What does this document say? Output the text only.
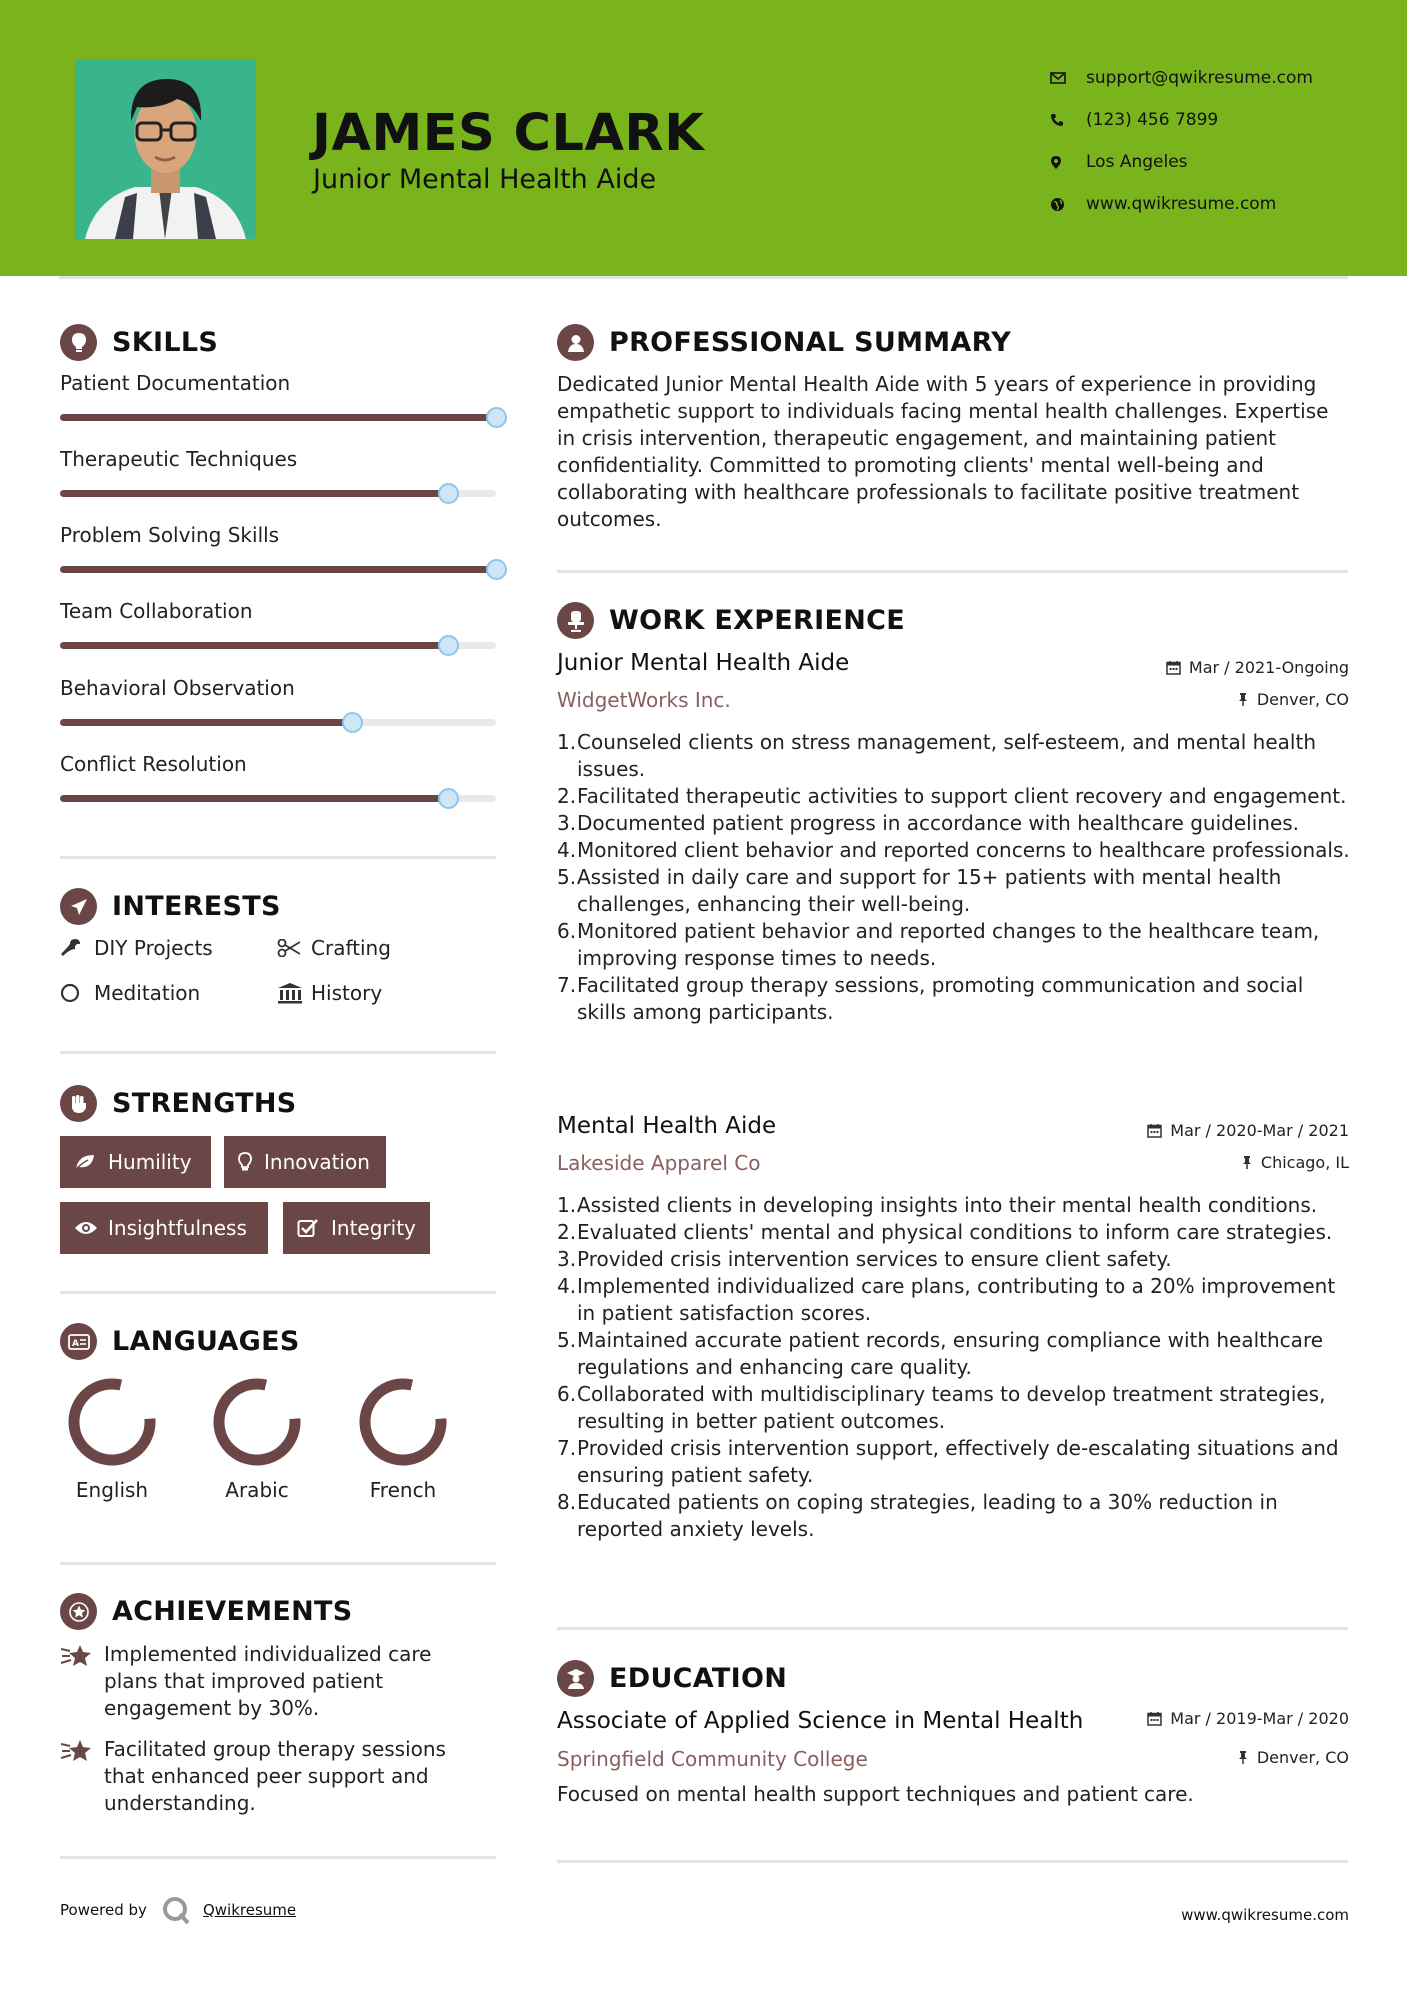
JAMES CLARK
Junior Mental Health Aide
support@qwikresume.com
(123) 456 7899
Los Angeles
www.qwikresume.com
SKILLS
Patient Documentation
Therapeutic Techniques
Problem Solving Skills
Team Collaboration
Behavioral Observation
Conflict Resolution
INTERESTS
DIY Projects	Crafting
Meditation	History
STRENGTHS
Humility	Innovation
Insightfulness	Integrity
A LANGUAGES
English	Arabic	French
ACHIEVEMENTS
Implemented individualized care plans that improved patient engagement by 30%.
Facilitated group therapy sessions that enhanced peer support and understanding.
PROFESSIONAL SUMMARY
Dedicated Junior Mental Health Aide with 5 years of experience in providing empathetic support to individuals facing mental health challenges. Expertise in crisis intervention, therapeutic engagement, and maintaining patient confidentiality. Committed to promoting clients' mental well-being and collaborating with healthcare professionals to facilitate positive treatment outcomes.
WORK EXPERIENCE
Junior Mental Health Aide
WidgetWorks Inc.
Mar / 2021-Ongoing
Denver, CO
1. Counseled clients on stress management, self-esteem, and mental health issues.
2. Facilitated therapeutic activities to support client recovery and engagement.
3. Documented patient progress in accordance with healthcare guidelines.
4. Monitored client behavior and reported concerns to healthcare professionals.
5. Assisted in daily care and support for 15+ patients with mental health challenges, enhancing their well-being.
6. Monitored patient behavior and reported changes to the healthcare team, improving response times to needs.
7. Facilitated group therapy sessions, promoting communication and social skills among participants.
Mental Health Aide
Lakeside Apparel Co
Mar / 2020-Mar / 2021
Chicago, IL
1. Assisted clients in developing insights into their mental health conditions.
2. Evaluated clients' mental and physical conditions to inform care strategies.
3. Provided crisis intervention services to ensure client safety.
4. Implemented individualized care plans, contributing to a 20% improvement in patient satisfaction scores.
5. Maintained accurate patient records, ensuring compliance with healthcare regulations and enhancing care quality.
6. Collaborated with multidisciplinary teams to develop treatment strategies, resulting in better patient outcomes.
7. Provided crisis intervention support, effectively de-escalating situations and ensuring patient safety.
8. Educated patients on coping strategies, leading to a 30% reduction in reported anxiety levels.
EDUCATION
Associate of Applied Science in Mental Health
Springfield Community College
Mar / 2019-Mar / 2020
Denver, CO
Focused on mental health support techniques and patient care.
Powered by	Qwikresume	www.qwikresume.com
